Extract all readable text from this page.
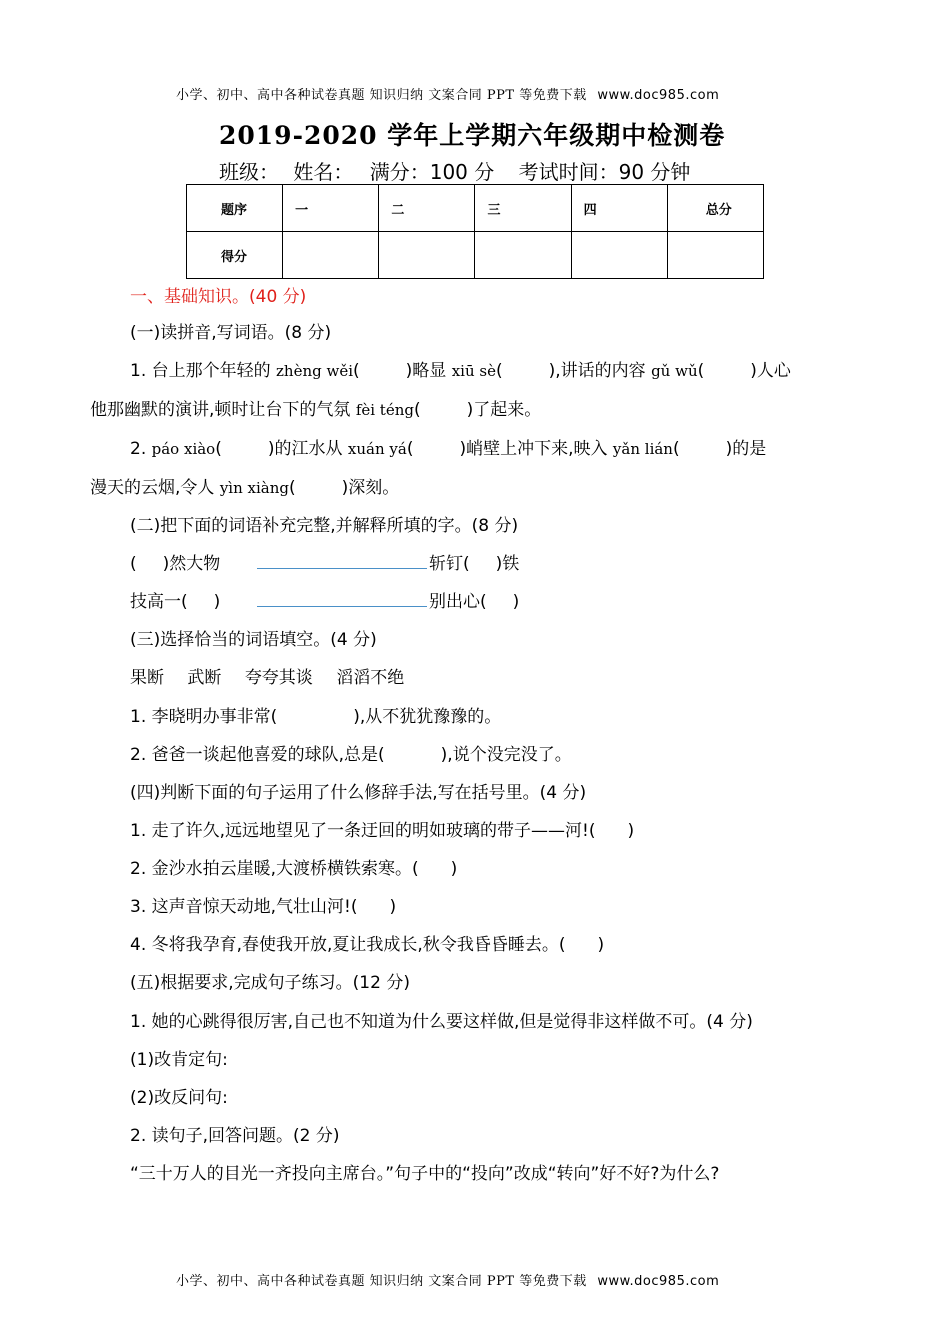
小学、初中、高中各种试卷真题 知识归纳 文案合同 PPT 等免费下载 www.doc985.com
2019-2020 学年上学期六年级期中检测卷
班级： 姓名： 满分：100 分 考试时间：90 分钟
题序	一	二	三	四	总分
得分					
一、基础知识。(40 分)
(一)读拼音,写词语。(8 分)
1. 台上那个年轻的 zhèng wěi(	)略显 xiū sè(	),讲话的内容 gǔ wǔ(	)人心
他那幽默的演讲,顿时让台下的气氛 fèi téng(	)了起来。
2. páo xiào(	)的江水从 xuán yá(	)峭壁上冲下来,映入 yǎn lián(	)的是
漫天的云烟,令人 yìn xiàng(	)深刻。
(二)把下面的词语补充完整,并解释所填的字。(8 分)
( )然大物	斩钉( )铁
技高一( )	别出心( )
(三)选择恰当的词语填空。(4 分)
果断 武断 夸夸其谈 滔滔不绝
1. 李晓明办事非常(	),从不犹犹豫豫的。
2. 爸爸一谈起他喜爱的球队,总是(	),说个没完没了。
(四)判断下面的句子运用了什么修辞手法,写在括号里。(4 分)
1. 走了许久,远远地望见了一条迂回的明如玻璃的带子——河!( )
2. 金沙水拍云崖暖,大渡桥横铁索寒。( )
3. 这声音惊天动地,气壮山河!( )
4. 冬将我孕育,春使我开放,夏让我成长,秋令我昏昏睡去。( )
(五)根据要求,完成句子练习。(12 分)
1. 她的心跳得很厉害,自己也不知道为什么要这样做,但是觉得非这样做不可。(4 分)
(1)改肯定句:
(2)改反问句:
2. 读句子,回答问题。(2 分)
“三十万人的目光一齐投向主席台。”句子中的“投向”改成“转向”好不好?为什么?
小学、初中、高中各种试卷真题 知识归纳 文案合同 PPT 等免费下载 www.doc985.com
